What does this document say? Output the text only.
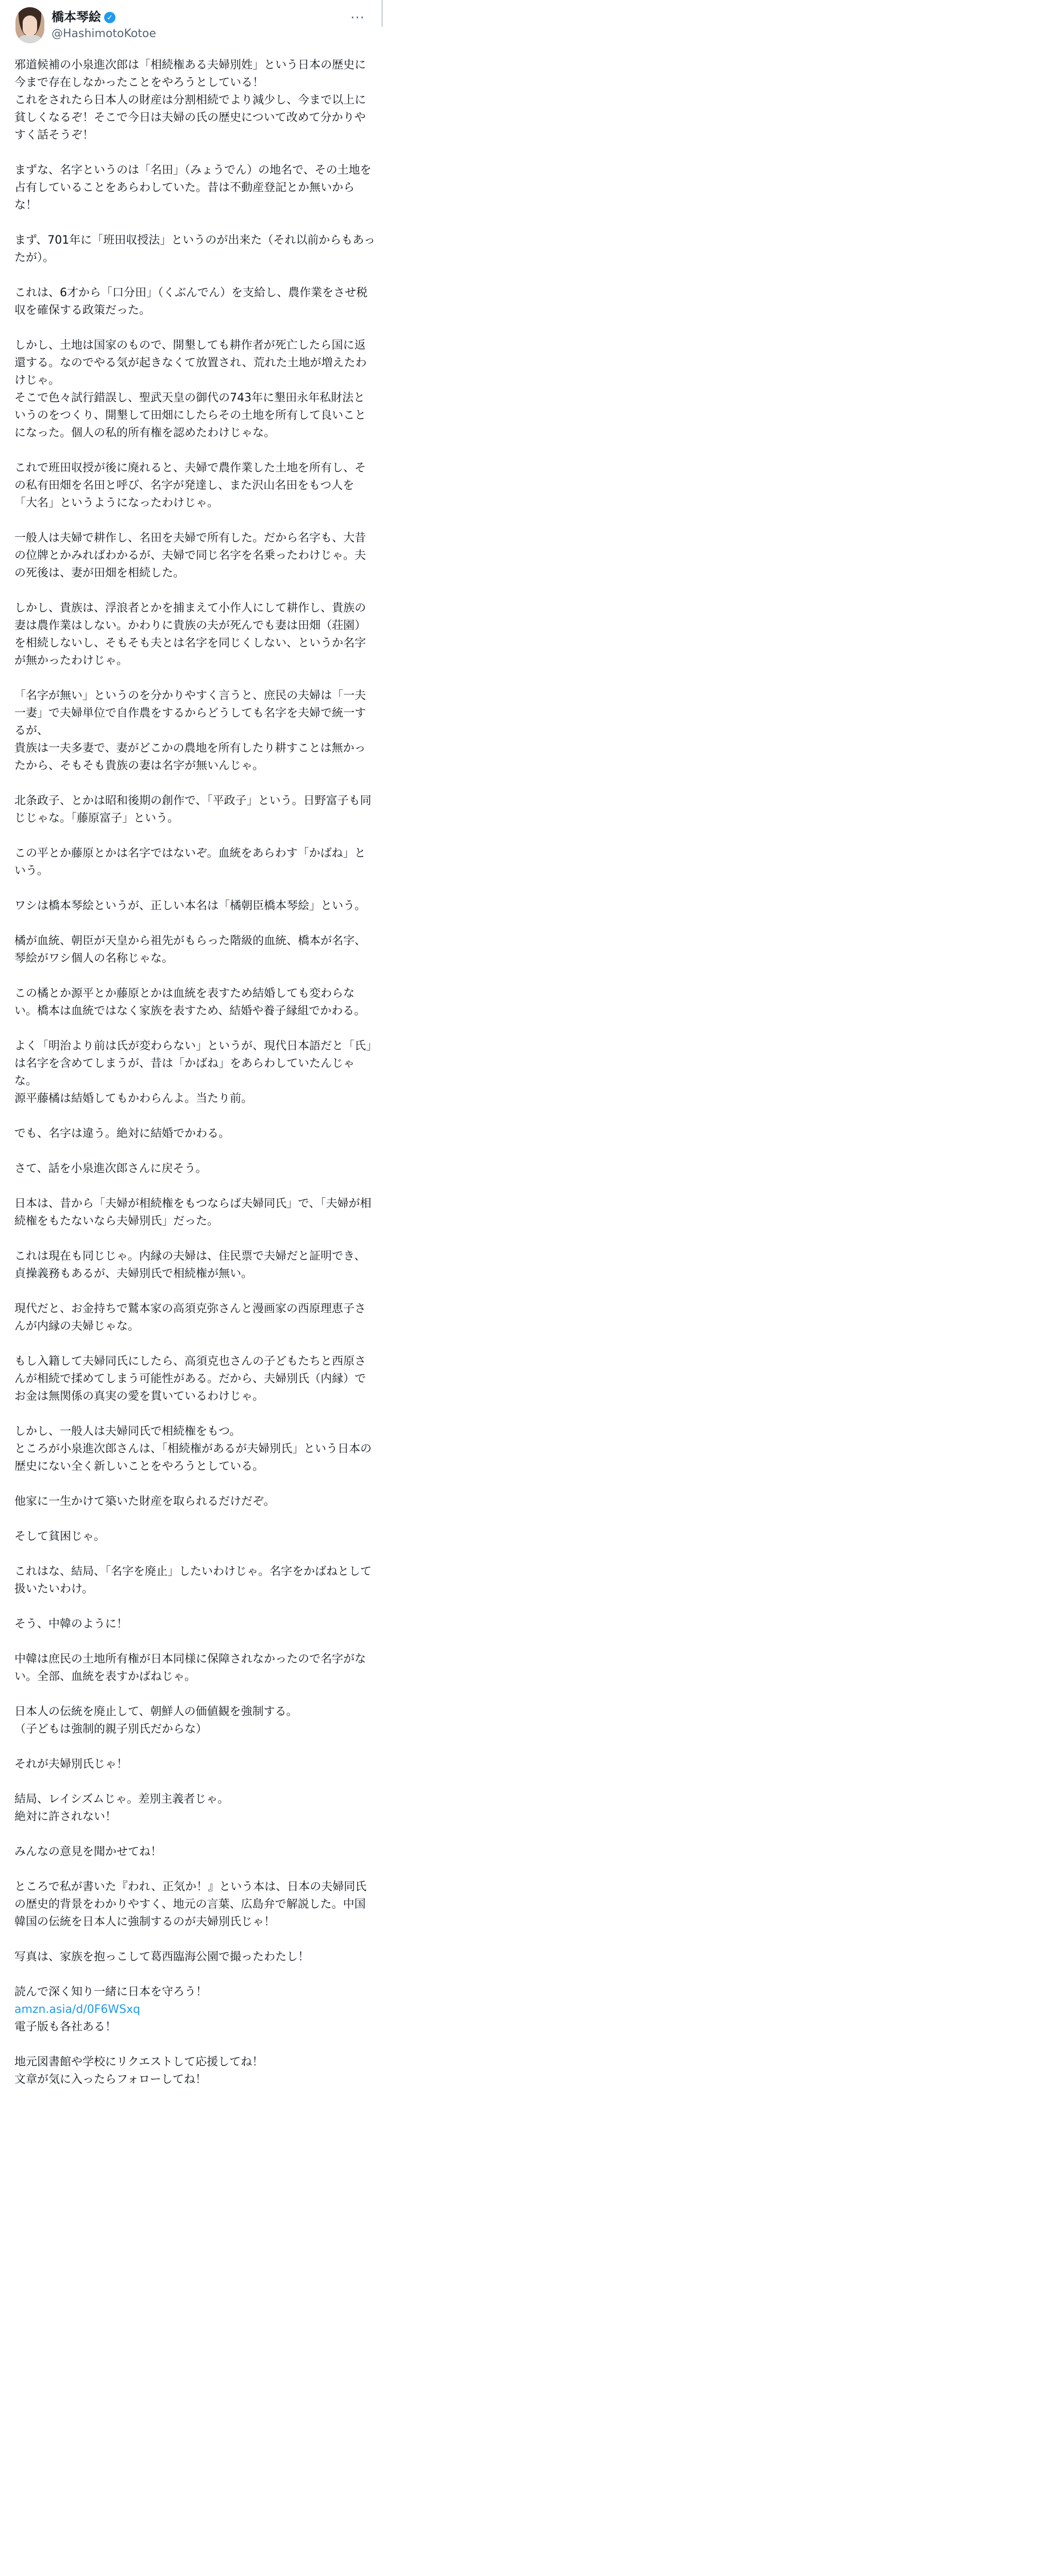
橋本琴絵 ✓
@HashimotoKotoe
···

邪道候補の小泉進次郎は「相続権ある夫婦別姓」という日本の歴史に今まで存在しなかったことをやろうとしている！
これをされたら日本人の財産は分割相続でより減少し、今まで以上に貧しくなるぞ！そこで今日は夫婦の氏の歴史について改めて分かりやすく話そうぞ！

まずな、名字というのは「名田」（みょうでん）の地名で、その土地を占有していることをあらわしていた。昔は不動産登記とか無いからな！

まず、701年に「班田収授法」というのが出来た（それ以前からもあったが）。

これは、6才から「口分田」（くぶんでん）を支給し、農作業をさせ税収を確保する政策だった。

しかし、土地は国家のもので、開墾しても耕作者が死亡したら国に返還する。なのでやる気が起きなくて放置され、荒れた土地が増えたわけじゃ。
そこで色々試行錯誤し、聖武天皇の御代の743年に墾田永年私財法というのをつくり、開墾して田畑にしたらその土地を所有して良いことになった。個人の私的所有権を認めたわけじゃな。

これで班田収授が後に廃れると、夫婦で農作業した土地を所有し、その私有田畑を名田と呼び、名字が発達し、また沢山名田をもつ人を「大名」というようになったわけじゃ。

一般人は夫婦で耕作し、名田を夫婦で所有した。だから名字も、大昔の位牌とかみればわかるが、夫婦で同じ名字を名乗ったわけじゃ。夫の死後は、妻が田畑を相続した。

しかし、貴族は、浮浪者とかを捕まえて小作人にして耕作し、貴族の妻は農作業はしない。かわりに貴族の夫が死んでも妻は田畑（荘園）を相続しないし、そもそも夫とは名字を同じくしない、というか名字が無かったわけじゃ。

「名字が無い」というのを分かりやすく言うと、庶民の夫婦は「一夫一妻」で夫婦単位で自作農をするからどうしても名字を夫婦で統一するが、
貴族は一夫多妻で、妻がどこかの農地を所有したり耕すことは無かったから、そもそも貴族の妻は名字が無いんじゃ。

北条政子、とかは昭和後期の創作で、「平政子」という。日野富子も同じじゃな。「藤原富子」という。

この平とか藤原とかは名字ではないぞ。血統をあらわす「かばね」という。

ワシは橋本琴絵というが、正しい本名は「橘朝臣橋本琴絵」という。

橘が血統、朝臣が天皇から祖先がもらった階級的血統、橋本が名字、琴絵がワシ個人の名称じゃな。

この橘とか源平とか藤原とかは血統を表すため結婚しても変わらない。橋本は血統ではなく家族を表すため、結婚や養子縁組でかわる。

よく「明治より前は氏が変わらない」というが、現代日本語だと「氏」は名字を含めてしまうが、昔は「かばね」をあらわしていたんじゃな。
源平藤橘は結婚してもかわらんよ。当たり前。

でも、名字は違う。絶対に結婚でかわる。

さて、話を小泉進次郎さんに戻そう。

日本は、昔から「夫婦が相続権をもつならば夫婦同氏」で、「夫婦が相続権をもたないなら夫婦別氏」だった。

これは現在も同じじゃ。内縁の夫婦は、住民票で夫婦だと証明でき、貞操義務もあるが、夫婦別氏で相続権が無い。

現代だと、お金持ちで鷲本家の高須克弥さんと漫画家の西原理恵子さんが内縁の夫婦じゃな。

もし入籍して夫婦同氏にしたら、高須克也さんの子どもたちと西原さんが相続で揉めてしまう可能性がある。だから、夫婦別氏（内縁）でお金は無関係の真実の愛を貫いているわけじゃ。

しかし、一般人は夫婦同氏で相続権をもつ。
ところが小泉進次郎さんは、「相続権があるが夫婦別氏」という日本の歴史にない全く新しいことをやろうとしている。

他家に一生かけて築いた財産を取られるだけだぞ。

そして貧困じゃ。

これはな、結局、「名字を廃止」したいわけじゃ。名字をかばねとして扱いたいわけ。

そう、中韓のように！

中韓は庶民の土地所有権が日本同様に保障されなかったので名字がない。全部、血統を表すかばねじゃ。

日本人の伝統を廃止して、朝鮮人の価値観を強制する。
（子どもは強制的親子別氏だからな）

それが夫婦別氏じゃ！

結局、レイシズムじゃ。差別主義者じゃ。
絶対に許されない！

みんなの意見を聞かせてね！

ところで私が書いた『われ、正気か！』という本は、日本の夫婦同氏の歴史的背景をわかりやすく、地元の言葉、広島弁で解説した。中国韓国の伝統を日本人に強制するのが夫婦別氏じゃ！

写真は、家族を抱っこして葛西臨海公園で撮ったわたし！

読んで深く知り一緒に日本を守ろう！

amzn.asia/d/0F6WSxq

電子版も各社ある！

地元図書館や学校にリクエストして応援してね！
文章が気に入ったらフォローしてね！
